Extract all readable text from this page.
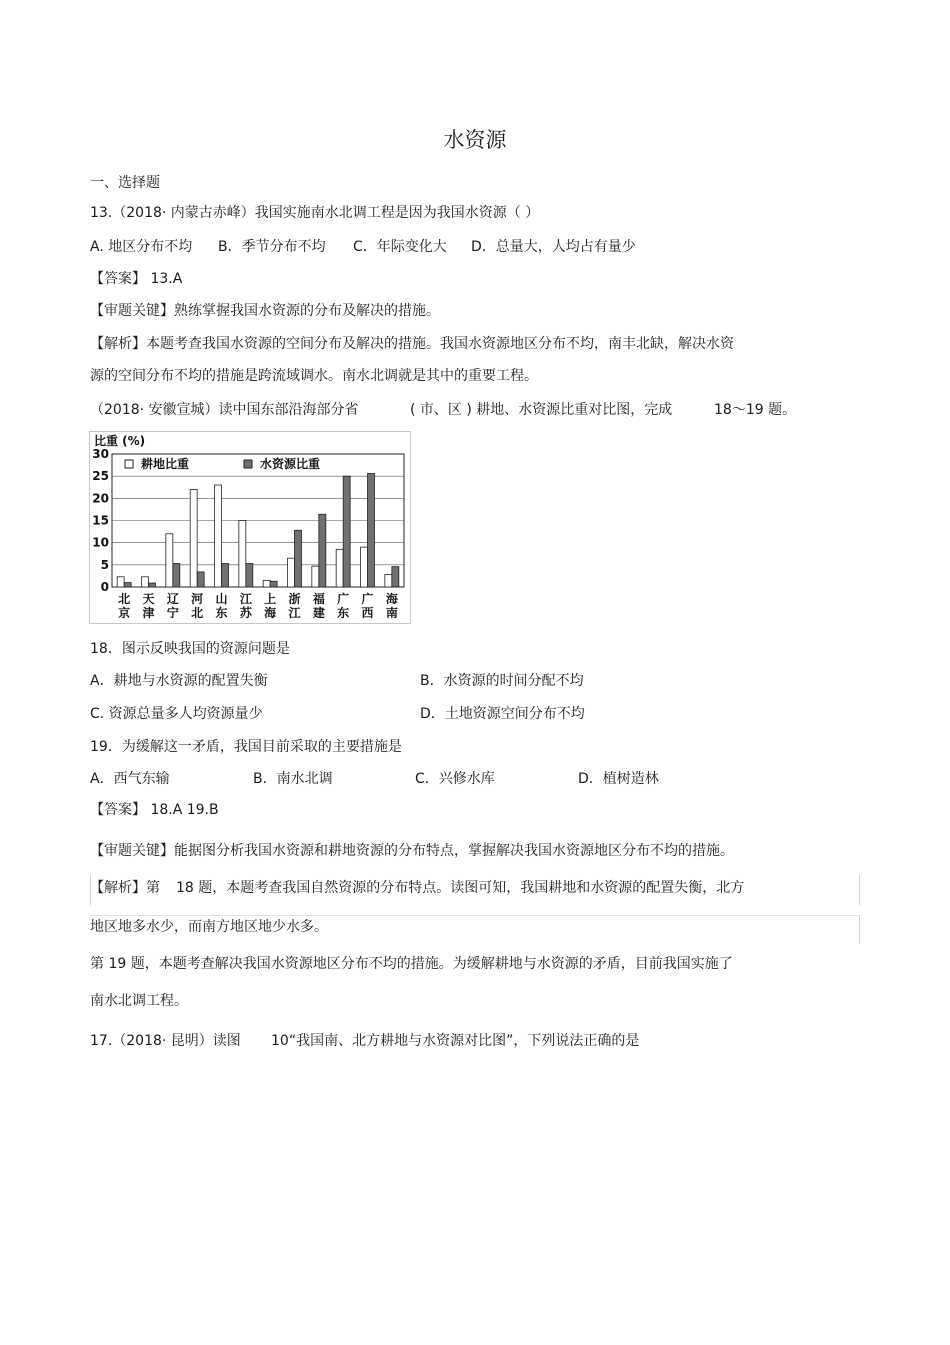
水资源
一、选择题
13.（2018· 内蒙古赤峰）我国实施南水北调工程是因为我国水资源（ ）
A. 地区分布不均 B．季节分布不均 C．年际变化大 D．总量大，人均占有量少
【答案】 13.A
【审题关键】熟练掌握我国水资源的分布及解决的措施。
【解析】本题考查我国水资源的空间分布及解决的措施。我国水资源地区分布不均，南丰北缺，解决水资
源的空间分布不均的措施是跨流域调水。南水北调就是其中的重要工程。
（2018· 安徽宣城）读中国东部沿海部分省	( 市、区 ) 耕地、水资源比重对比图，完成	18～19 题。
比重 (%)
30
25
20
15
10
5
0
北
京
天
津
辽
宁
河
北
山
东
江
苏
上
海
浙
江
福
建
广
东
广
西
海
南
耕地比重	水资源比重
18．图示反映我国的资源问题是
A．耕地与水资源的配置失衡	B．水资源的时间分配不均
C. 资源总量多人均资源量少	D．土地资源空间分布不均
19．为缓解这一矛盾，我国目前采取的主要措施是
A．西气东输	B．南水北调	C．兴修水库	D．植树造林
【答案】 18.A 19.B
【审题关键】能据图分析我国水资源和耕地资源的分布特点，掌握解决我国水资源地区分布不均的措施。
【解析】第 18 题，本题考查我国自然资源的分布特点。读图可知，我国耕地和水资源的配置失衡，北方
地区地多水少，而南方地区地少水多。
第 19 题，本题考查解决我国水资源地区分布不均的措施。为缓解耕地与水资源的矛盾，目前我国实施了
南水北调工程。
17.（2018· 昆明）读图 10“我国南、北方耕地与水资源对比图”，下列说法正确的是
